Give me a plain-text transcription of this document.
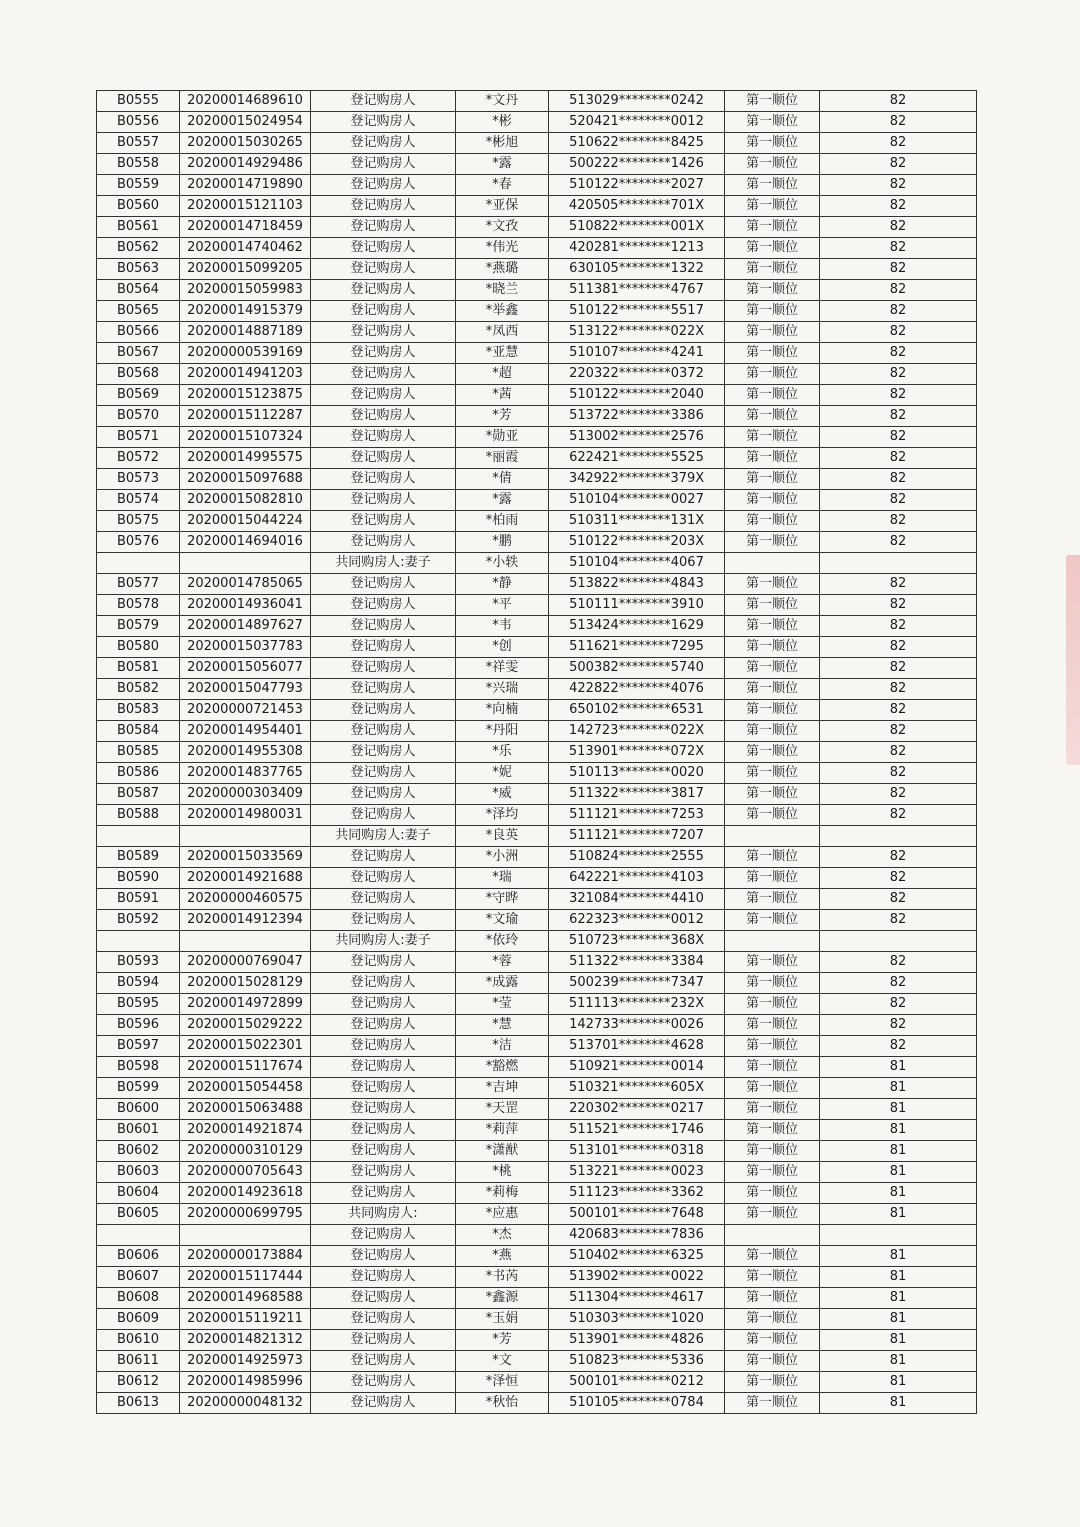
B0555	20200014689610	登记购房人	*文丹	513029********0242	第一顺位	82
B0556	20200015024954	登记购房人	*彬	520421********0012	第一顺位	82
B0557	20200015030265	登记购房人	*彬旭	510622********8425	第一顺位	82
B0558	20200014929486	登记购房人	*露	500222********1426	第一顺位	82
B0559	20200014719890	登记购房人	*春	510122********2027	第一顺位	82
B0560	20200015121103	登记购房人	*亚保	420505********701X	第一顺位	82
B0561	20200014718459	登记购房人	*文孜	510822********001X	第一顺位	82
B0562	20200014740462	登记购房人	*伟光	420281********1213	第一顺位	82
B0563	20200015099205	登记购房人	*燕璐	630105********1322	第一顺位	82
B0564	20200015059983	登记购房人	*晓兰	511381********4767	第一顺位	82
B0565	20200014915379	登记购房人	*举鑫	510122********5517	第一顺位	82
B0566	20200014887189	登记购房人	*凤西	513122********022X	第一顺位	82
B0567	20200000539169	登记购房人	*亚慧	510107********4241	第一顺位	82
B0568	20200014941203	登记购房人	*超	220322********0372	第一顺位	82
B0569	20200015123875	登记购房人	*茜	510122********2040	第一顺位	82
B0570	20200015112287	登记购房人	*芳	513722********3386	第一顺位	82
B0571	20200015107324	登记购房人	*勋亚	513002********2576	第一顺位	82
B0572	20200014995575	登记购房人	*丽霞	622421********5525	第一顺位	82
B0573	20200015097688	登记购房人	*倩	342922********379X	第一顺位	82
B0574	20200015082810	登记购房人	*露	510104********0027	第一顺位	82
B0575	20200015044224	登记购房人	*柏雨	510311********131X	第一顺位	82
B0576	20200014694016	登记购房人	*鹏	510122********203X	第一顺位	82
		共同购房人:妻子	*小轶	510104********4067		
B0577	20200014785065	登记购房人	*静	513822********4843	第一顺位	82
B0578	20200014936041	登记购房人	*平	510111********3910	第一顺位	82
B0579	20200014897627	登记购房人	*韦	513424********1629	第一顺位	82
B0580	20200015037783	登记购房人	*创	511621********7295	第一顺位	82
B0581	20200015056077	登记购房人	*祥雯	500382********5740	第一顺位	82
B0582	20200015047793	登记购房人	*兴瑞	422822********4076	第一顺位	82
B0583	20200000721453	登记购房人	*向楠	650102********6531	第一顺位	82
B0584	20200014954401	登记购房人	*丹阳	142723********022X	第一顺位	82
B0585	20200014955308	登记购房人	*乐	513901********072X	第一顺位	82
B0586	20200014837765	登记购房人	*妮	510113********0020	第一顺位	82
B0587	20200000303409	登记购房人	*威	511322********3817	第一顺位	82
B0588	20200014980031	登记购房人	*泽均	511121********7253	第一顺位	82
		共同购房人:妻子	*良英	511121********7207		
B0589	20200015033569	登记购房人	*小洲	510824********2555	第一顺位	82
B0590	20200014921688	登记购房人	*瑞	642221********4103	第一顺位	82
B0591	20200000460575	登记购房人	*守晔	321084********4410	第一顺位	82
B0592	20200014912394	登记购房人	*文瑜	622323********0012	第一顺位	82
		共同购房人:妻子	*依玲	510723********368X		
B0593	20200000769047	登记购房人	*蓉	511322********3384	第一顺位	82
B0594	20200015028129	登记购房人	*成露	500239********7347	第一顺位	82
B0595	20200014972899	登记购房人	*莹	511113********232X	第一顺位	82
B0596	20200015029222	登记购房人	*慧	142733********0026	第一顺位	82
B0597	20200015022301	登记购房人	*洁	513701********4628	第一顺位	82
B0598	20200015117674	登记购房人	*豁燃	510921********0014	第一顺位	81
B0599	20200015054458	登记购房人	*吉坤	510321********605X	第一顺位	81
B0600	20200015063488	登记购房人	*天罡	220302********0217	第一顺位	81
B0601	20200014921874	登记购房人	*莉萍	511521********1746	第一顺位	81
B0602	20200000310129	登记购房人	*潇猷	513101********0318	第一顺位	81
B0603	20200000705643	登记购房人	*桃	513221********0023	第一顺位	81
B0604	20200014923618	登记购房人	*莉梅	511123********3362	第一顺位	81
B0605	20200000699795	共同购房人:	*应惠	500101********7648	第一顺位	81
		登记购房人	*杰	420683********7836		
B0606	20200000173884	登记购房人	*燕	510402********6325	第一顺位	81
B0607	20200015117444	登记购房人	*书芮	513902********0022	第一顺位	81
B0608	20200014968588	登记购房人	*鑫源	511304********4617	第一顺位	81
B0609	20200015119211	登记购房人	*玉娟	510303********1020	第一顺位	81
B0610	20200014821312	登记购房人	*芳	513901********4826	第一顺位	81
B0611	20200014925973	登记购房人	*文	510823********5336	第一顺位	81
B0612	20200014985996	登记购房人	*泽恒	500101********0212	第一顺位	81
B0613	20200000048132	登记购房人	*秋怡	510105********0784	第一顺位	81
